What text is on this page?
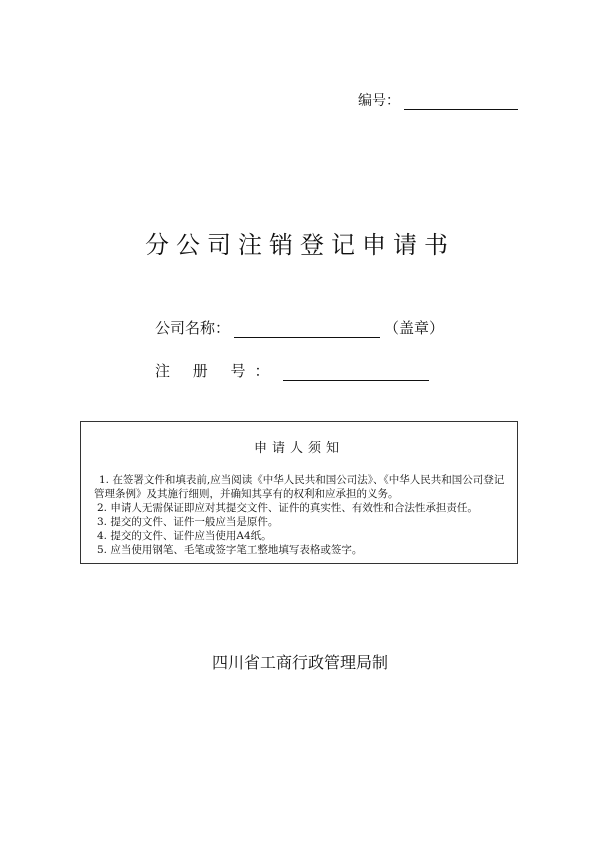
编号：
分公司注销登记申请书
公司名称：	（盖章）
注 册 号：
申请人须知
1. 在签署文件和填表前,应当阅读《中华人民共和国公司法》、《中华人民共和国公司登记管理条例》及其施行细则，并确知其享有的权利和应承担的义务。
2. 申请人无需保证即应对其提交文件、证件的真实性、有效性和合法性承担责任。
3. 提交的文件、证件一般应当是原件。
4. 提交的文件、证件应当使用A4纸。
5. 应当使用钢笔、毛笔或签字笔工整地填写表格或签字。
四川省工商行政管理局制
